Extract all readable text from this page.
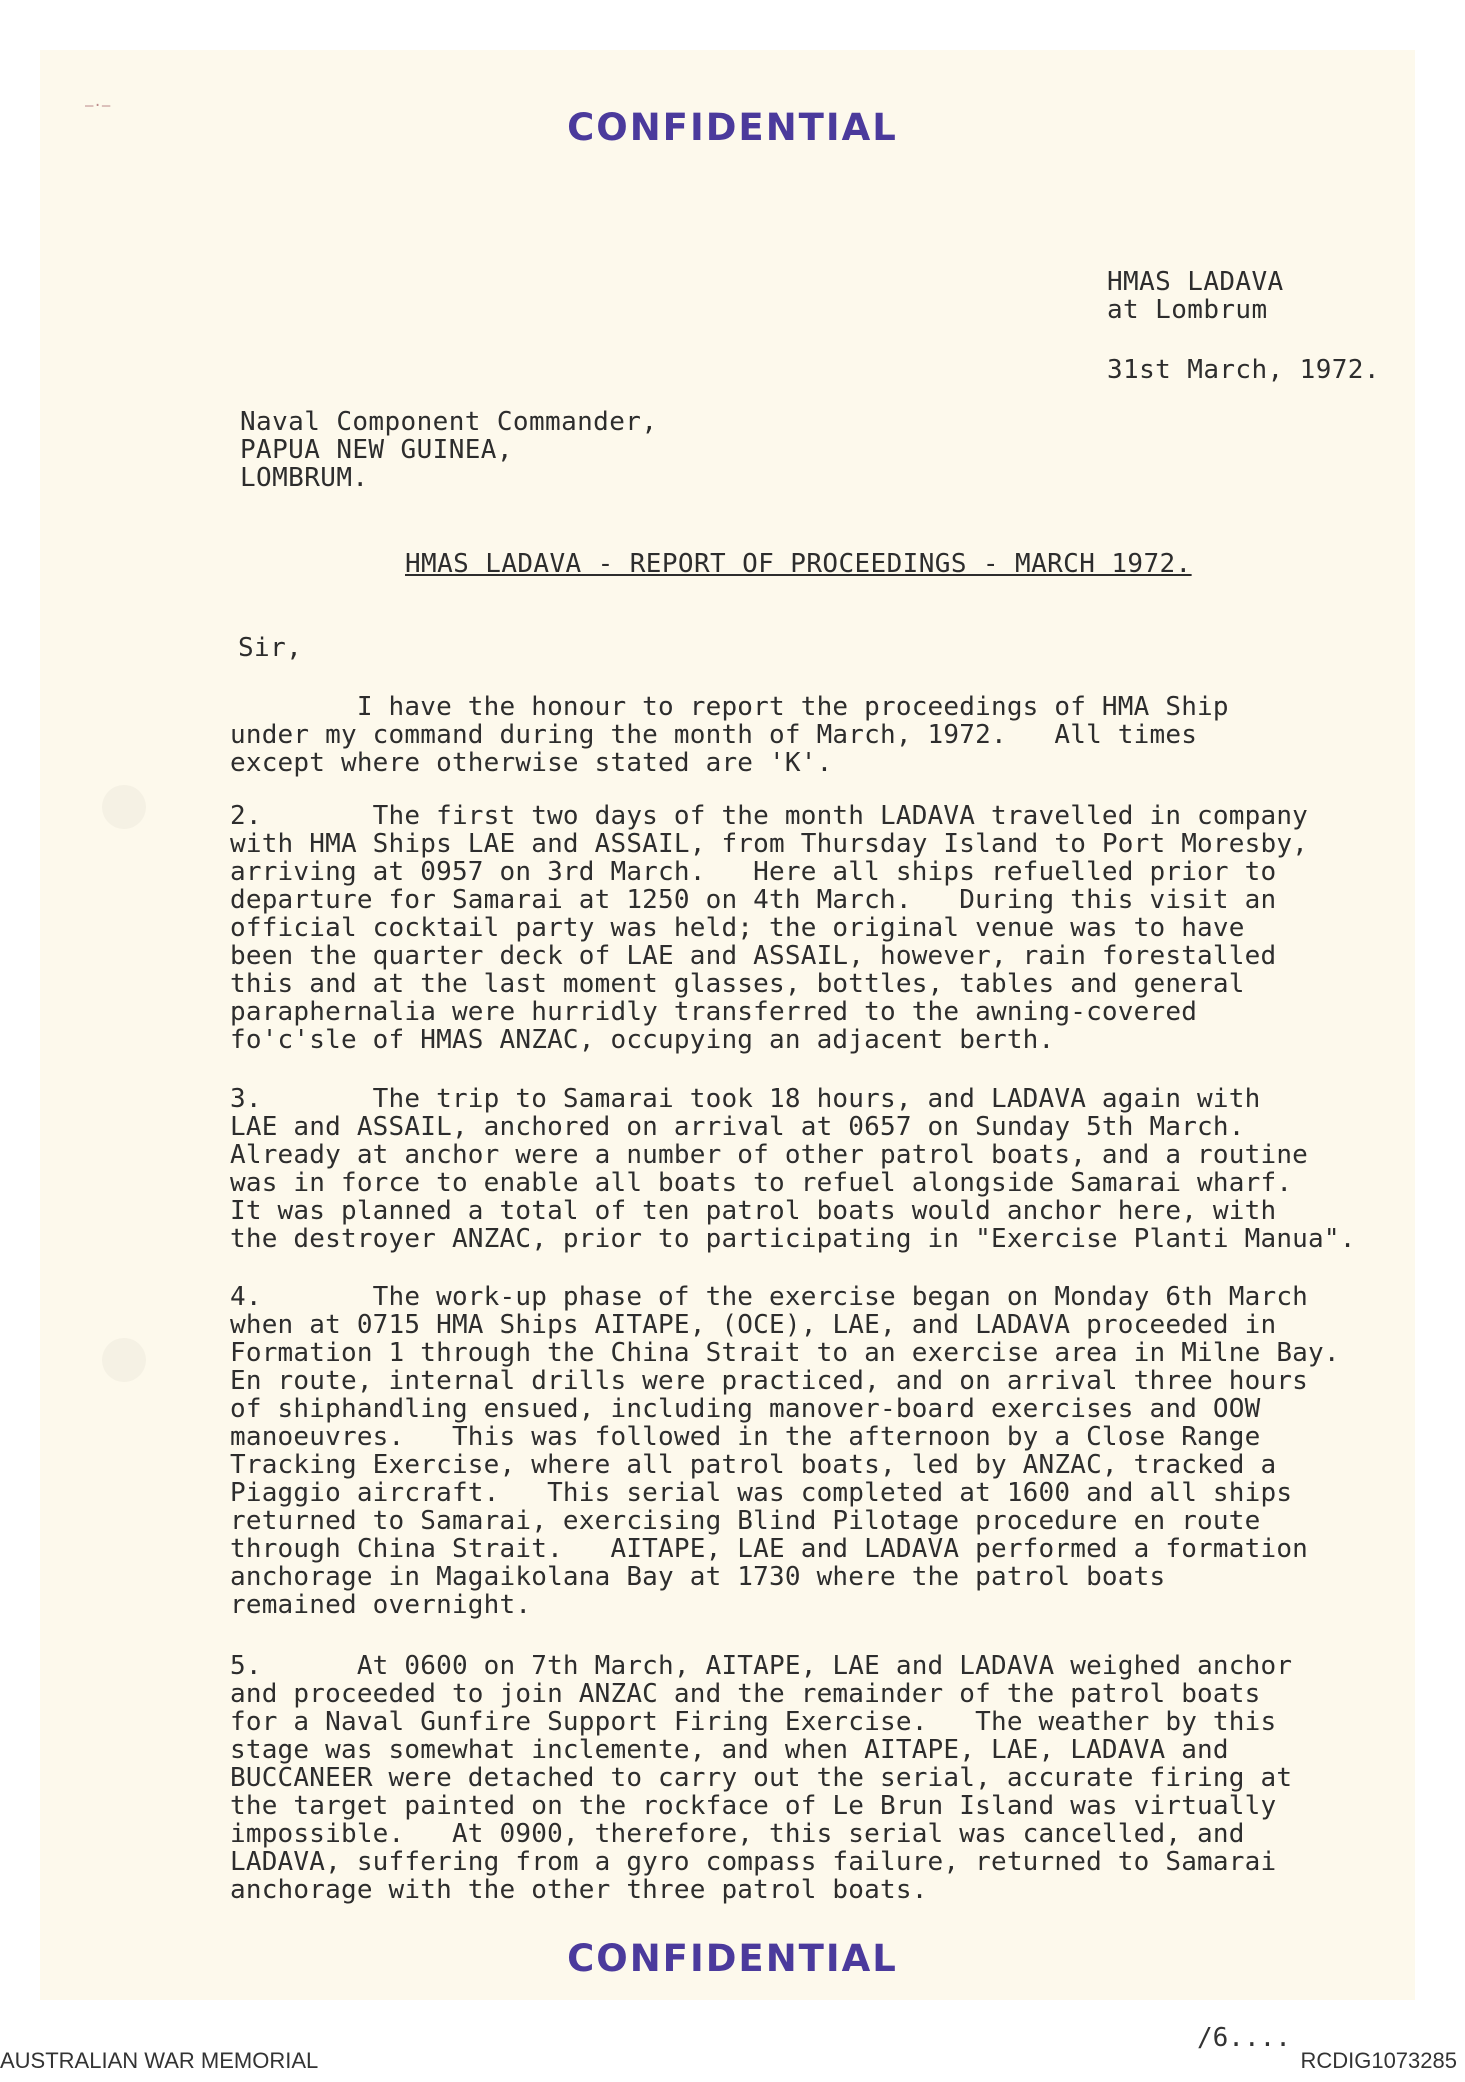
—·—	CONFIDENTIAL
HMAS LADAVA
at Lombrum
31st March, 1972.
Naval Component Commander,
PAPUA NEW GUINEA,
LOMBRUM.
HMAS LADAVA - REPORT OF PROCEEDINGS - MARCH 1972.
Sir,
I have the honour to report the proceedings of HMA Ship
under my command during the month of March, 1972.   All times
except where otherwise stated are 'K'.
2.       The first two days of the month LADAVA travelled in company
with HMA Ships LAE and ASSAIL, from Thursday Island to Port Moresby,
arriving at 0957 on 3rd March.   Here all ships refuelled prior to
departure for Samarai at 1250 on 4th March.   During this visit an
official cocktail party was held; the original venue was to have
been the quarter deck of LAE and ASSAIL, however, rain forestalled
this and at the last moment glasses, bottles, tables and general
paraphernalia were hurridly transferred to the awning-covered
fo'c'sle of HMAS ANZAC, occupying an adjacent berth.
3.       The trip to Samarai took 18 hours, and LADAVA again with
LAE and ASSAIL, anchored on arrival at 0657 on Sunday 5th March.
Already at anchor were a number of other patrol boats, and a routine
was in force to enable all boats to refuel alongside Samarai wharf.
It was planned a total of ten patrol boats would anchor here, with
the destroyer ANZAC, prior to participating in "Exercise Planti Manua".
4.       The work-up phase of the exercise began on Monday 6th March
when at 0715 HMA Ships AITAPE, (OCE), LAE, and LADAVA proceeded in
Formation 1 through the China Strait to an exercise area in Milne Bay.
En route, internal drills were practiced, and on arrival three hours
of shiphandling ensued, including manover-board exercises and OOW
manoeuvres.   This was followed in the afternoon by a Close Range
Tracking Exercise, where all patrol boats, led by ANZAC, tracked a
Piaggio aircraft.   This serial was completed at 1600 and all ships
returned to Samarai, exercising Blind Pilotage procedure en route
through China Strait.   AITAPE, LAE and LADAVA performed a formation
anchorage in Magaikolana Bay at 1730 where the patrol boats
remained overnight.
5.      At 0600 on 7th March, AITAPE, LAE and LADAVA weighed anchor
and proceeded to join ANZAC and the remainder of the patrol boats
for a Naval Gunfire Support Firing Exercise.   The weather by this
stage was somewhat inclemente, and when AITAPE, LAE, LADAVA and
BUCCANEER were detached to carry out the serial, accurate firing at
the target painted on the rockface of Le Brun Island was virtually
impossible.   At 0900, therefore, this serial was cancelled, and
LADAVA, suffering from a gyro compass failure, returned to Samarai
anchorage with the other three patrol boats.
CONFIDENTIAL
/6....
AUSTRALIAN WAR MEMORIAL	RCDIG1073285
